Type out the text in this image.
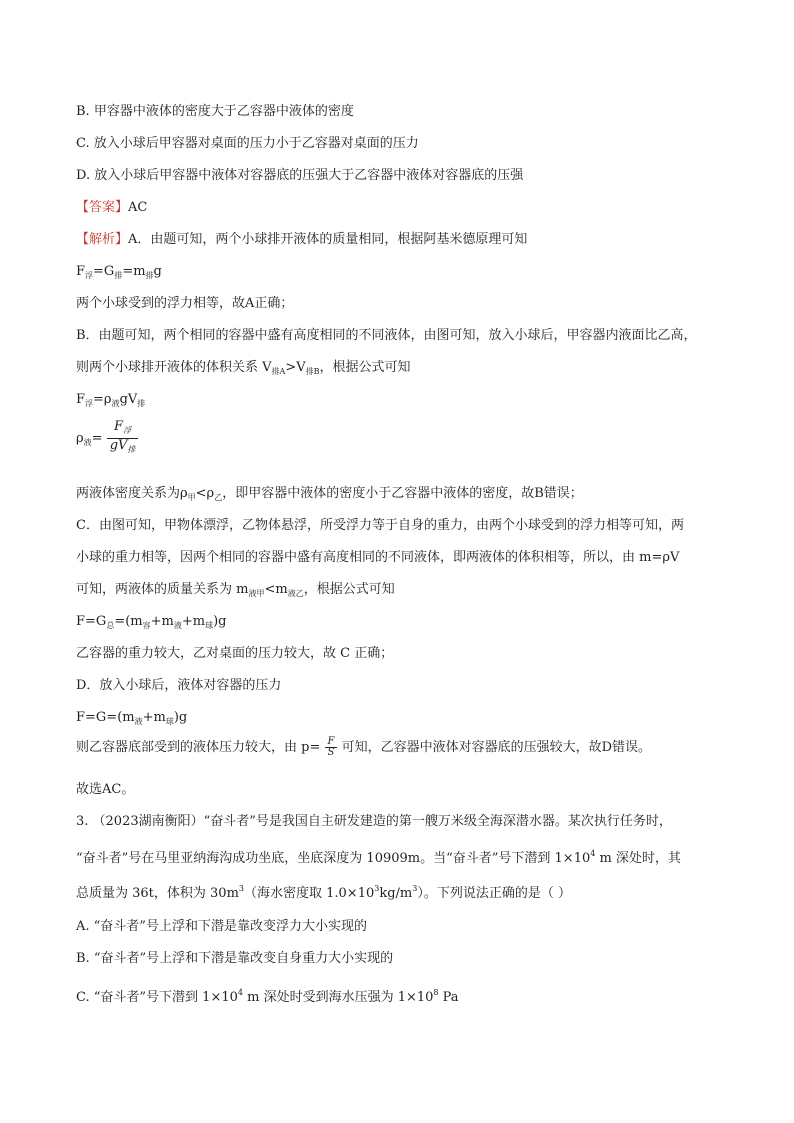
B. 甲容器中液体的密度大于乙容器中液体的密度
C. 放入小球后甲容器对桌面的压力小于乙容器对桌面的压力
D. 放入小球后甲容器中液体对容器底的压强大于乙容器中液体对容器底的压强
【答案】AC
【解析】A．由题可知，两个小球排开液体的质量相同，根据阿基米德原理可知
$F_浮=G_排=m_排g$
两个小球受到的浮力相等，故A正确；
B．由题可知，两个相同的容器中盛有高度相同的不同液体，由图可知，放入小球后，甲容器内液面比乙高，
则两个小球排开液体的体积关系 $V_{排A}>V_{排B}$，根据公式可知
$F_浮=\rho_液gV_排$
$\rho_液= \frac{F_浮}{gV_排}$
两液体密度关系为$\rho_甲<\rho_乙$，即甲容器中液体的密度小于乙容器中液体的密度，故B错误；
C．由图可知，甲物体漂浮，乙物体悬浮，所受浮力等于自身的重力，由两个小球受到的浮力相等可知，两
小球的重力相等，因两个相同的容器中盛有高度相同的不同液体，即两液体的体积相等，所以，由 m=ρV
可知，两液体的质量关系为 $m_{液甲}<m_{液乙}$，根据公式可知
$F=G_总=(m_容+m_液+m_球)g$
乙容器的重力较大，乙对桌面的压力较大，故 C 正确；
D．放入小球后，液体对容器的压力
$F=G=(m_液+m_球)g$
则乙容器底部受到的液体压力较大，由 $p= \frac{F}{S}$ 可知，乙容器中液体对容器底的压强较大，故D错误。
故选AC。
3. （2023湖南衡阳）“奋斗者”号是我国自主研发建造的第一艘万米级全海深潜水器。某次执行任务时，
“奋斗者”号在马里亚纳海沟成功坐底，坐底深度为 10909m。当“奋斗者”号下潜到 $1\times 10^4$ m 深处时，其
总质量为 36t，体积为 $30m^3$（海水密度取 $1.0\times 10^3kg/m^3$）。下列说法正确的是（ ）
A. “奋斗者”号上浮和下潜是靠改变浮力大小实现的
B. “奋斗者”号上浮和下潜是靠改变自身重力大小实现的
C. “奋斗者”号下潜到 $1\times 10^4$ m 深处时受到海水压强为 $1\times 10^8$ Pa
